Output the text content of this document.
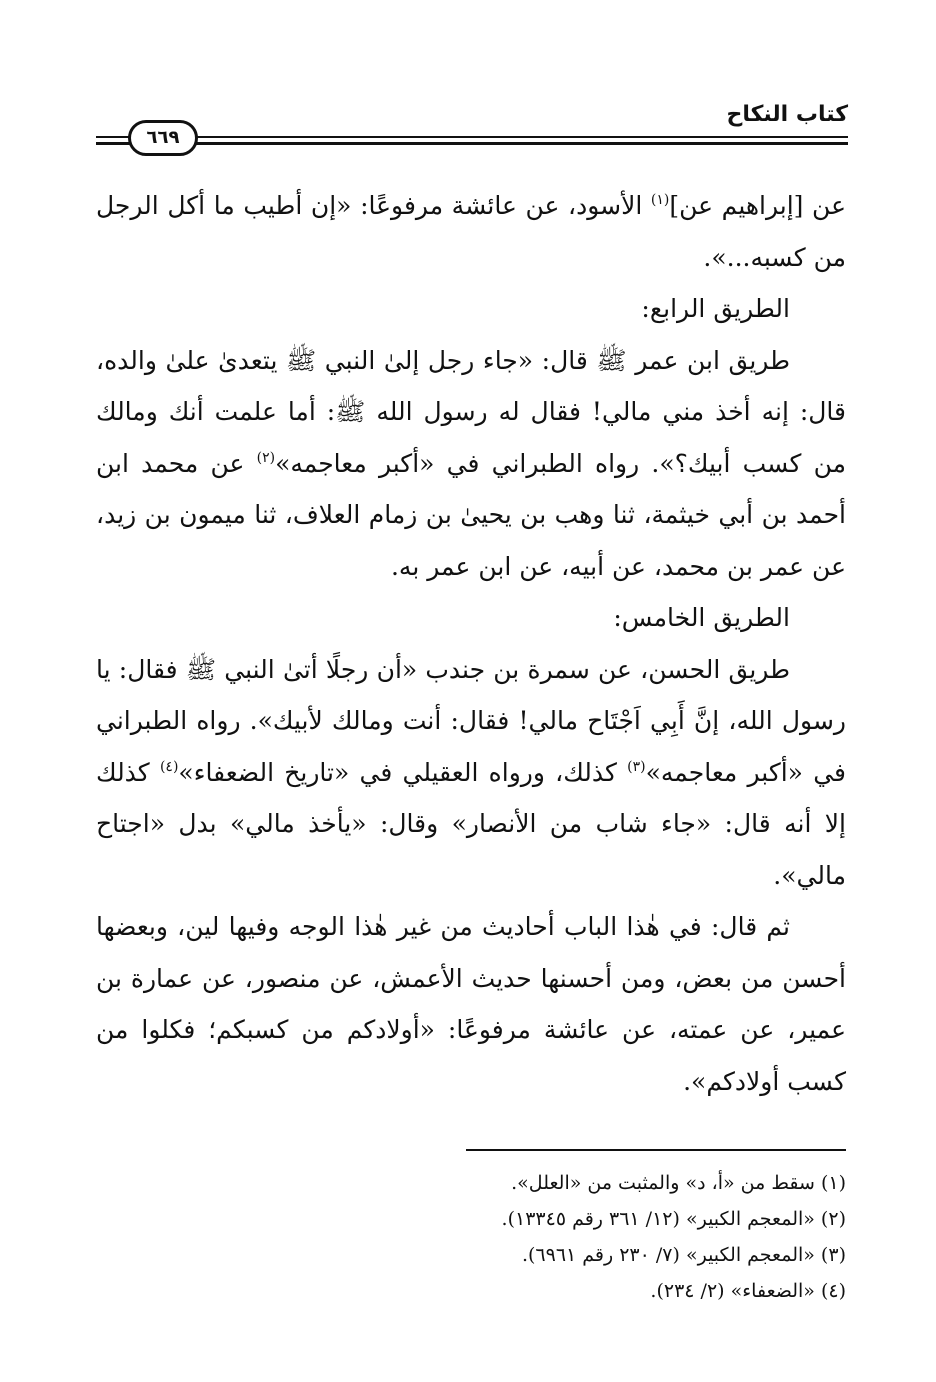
كتاب النكاح
٦٦٩

عن [إبراهيم عن]$^{(١)}$ الأسود، عن عائشة مرفوعًا: «إن أطيب ما أكل الرجل من كسبه...».

الطريق الرابع:

طريق ابن عمر ﷺ قال: «جاء رجل إلىٰ النبي ﷺ يتعدىٰ علىٰ والده، قال: إنه أخذ مني مالي! فقال له رسول الله ﷺ: أما علمت أنك ومالك من كسب أبيك؟». رواه الطبراني في «أكبر معاجمه»$^{(٢)}$ عن محمد ابن أحمد بن أبي خيثمة، ثنا وهب بن يحيىٰ بن زمام العلاف، ثنا ميمون بن زيد، عن عمر بن محمد، عن أبيه، عن ابن عمر به.

الطريق الخامس:

طريق الحسن، عن سمرة بن جندب «أن رجلًا أتىٰ النبي ﷺ فقال: يا رسول الله، إنَّ أَبِي اَجْتَاح مالي! فقال: أنت ومالك لأبيك». رواه الطبراني في «أكبر معاجمه»$^{(٣)}$ كذلك، ورواه العقيلي في «تاريخ الضعفاء»$^{(٤)}$ كذلك إلا أنه قال: «جاء شاب من الأنصار» وقال: «يأخذ مالي» بدل «اجتاح مالي».

ثم قال: في هٰذا الباب أحاديث من غير هٰذا الوجه وفيها لين، وبعضها أحسن من بعض، ومن أحسنها حديث الأعمش، عن منصور، عن عمارة بن عمير، عن عمته، عن عائشة مرفوعًا: «أولادكم من كسبكم؛ فكلوا من كسب أولادكم».

(١) سقط من «أ، د» والمثبت من «العلل».

(٢) «المعجم الكبير» (١٢/ ٣٦١ رقم ١٣٣٤٥).

(٣) «المعجم الكبير» (٧/ ٢٣٠ رقم ٦٩٦١).

(٤) «الضعفاء» (٢/ ٢٣٤).
